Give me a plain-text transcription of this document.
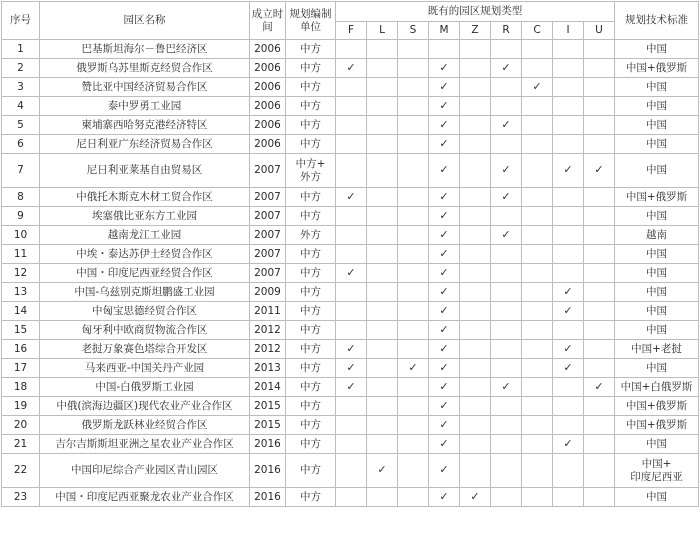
序号	园区名称	成立时间	规划编制单位	既有的园区规划类型									规划技术标准
				F	L	S	M	Z	R	C	I	U	
1	巴基斯坦海尔－鲁巴经济区	2006	中方										中国

2	俄罗斯乌苏里斯克经贸合作区	2006	中方	✓			✓		✓				中国+俄罗斯

3	赞比亚中国经济贸易合作区	2006	中方				✓			✓			中国

4	泰中罗勇工业园	2006	中方				✓						中国

5	柬埔寨西哈努克港经济特区	2006	中方				✓		✓				中国

6	尼日利亚广东经济贸易合作区	2006	中方				✓						中国

7	尼日利亚莱基自由贸易区	2007	中方+
外方				✓		✓		✓	✓	中国

8	中俄托木斯克木材工贸合作区	2007	中方	✓			✓		✓				中国+俄罗斯

9	埃塞俄比亚东方工业园	2007	中方				✓						中国

10	越南龙江工业园	2007	外方				✓		✓				越南

11	中埃・泰达苏伊士经贸合作区	2007	中方				✓						中国

12	中国・印度尼西亚经贸合作区	2007	中方	✓			✓						中国

13	中国-乌兹别克斯坦鹏盛工业园	2009	中方				✓				✓		中国

14	中匈宝思德经贸合作区	2011	中方				✓				✓		中国

15	匈牙利中欧商贸物流合作区	2012	中方				✓						中国

16	老挝万象赛色塔综合开发区	2012	中方	✓			✓				✓		中国+老挝

17	马来西亚-中国关丹产业园	2013	中方	✓		✓	✓				✓		中国

18	中国-白俄罗斯工业园	2014	中方	✓			✓		✓			✓	中国+白俄罗斯

19	中俄(滨海边疆区)现代农业产业合作区	2015	中方				✓						中国+俄罗斯

20	俄罗斯龙跃林业经贸合作区	2015	中方				✓						中国+俄罗斯

21	吉尔吉斯斯坦亚洲之星农业产业合作区	2016	中方				✓				✓		中国

22	中国印尼综合产业园区青山园区	2016	中方		✓		✓						中国+
印度尼西亚

23	中国・印度尼西亚聚龙农业产业合作区	2016	中方				✓	✓					中国
